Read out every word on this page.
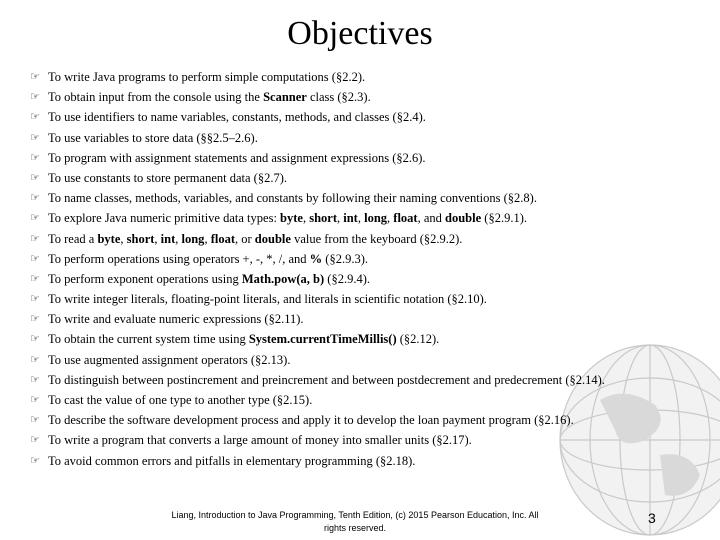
Objectives
☞ To write Java programs to perform simple computations (§2.2).
☞ To obtain input from the console using the Scanner class (§2.3).
☞ To use identifiers to name variables, constants, methods, and classes (§2.4).
☞ To use variables to store data (§§2.5–2.6).
☞ To program with assignment statements and assignment expressions (§2.6).
☞ To use constants to store permanent data (§2.7).
☞ To name classes, methods, variables, and constants by following their naming conventions (§2.8).
☞ To explore Java numeric primitive data types: byte, short, int, long, float, and double (§2.9.1).
☞ To read a byte, short, int, long, float, or double value from the keyboard (§2.9.2).
☞ To perform operations using operators +, -, *, /, and % (§2.9.3).
☞ To perform exponent operations using Math.pow(a, b) (§2.9.4).
☞ To write integer literals, floating-point literals, and literals in scientific notation (§2.10).
☞ To write and evaluate numeric expressions (§2.11).
☞ To obtain the current system time using System.currentTimeMillis() (§2.12).
☞ To use augmented assignment operators (§2.13).
☞ To distinguish between postincrement and preincrement and between postdecrement and predecrement (§2.14).
☞ To cast the value of one type to another type (§2.15).
☞ To describe the software development process and apply it to develop the loan payment program (§2.16).
☞ To write a program that converts a large amount of money into smaller units (§2.17).
☞ To avoid common errors and pitfalls in elementary programming (§2.18).
Liang, Introduction to Java Programming, Tenth Edition, (c) 2015 Pearson Education, Inc. All
rights reserved.
3
